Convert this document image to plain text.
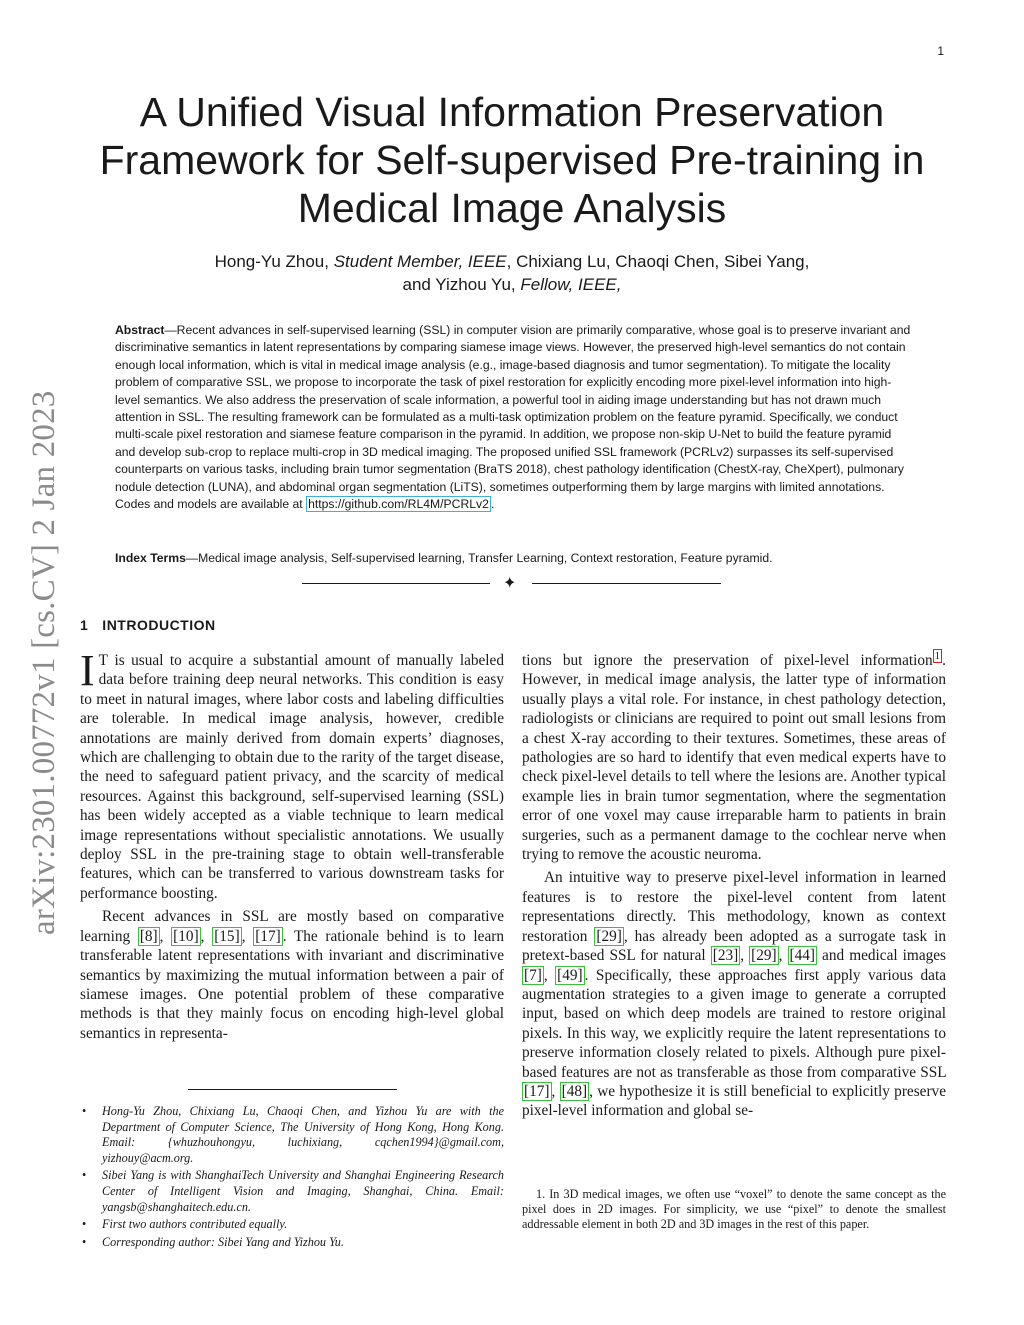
1
arXiv:2301.00772v1 [cs.CV] 2 Jan 2023
A Unified Visual Information Preservation
Framework for Self-supervised Pre-training in
Medical Image Analysis
Hong-Yu Zhou, Student Member, IEEE, Chixiang Lu, Chaoqi Chen, Sibei Yang,
and Yizhou Yu, Fellow, IEEE,
Abstract—Recent advances in self-supervised learning (SSL) in computer vision are primarily comparative, whose goal is to preserve invariant and discriminative semantics in latent representations by comparing siamese image views. However, the preserved high-level semantics do not contain enough local information, which is vital in medical image analysis (e.g., image-based diagnosis and tumor segmentation). To mitigate the locality problem of comparative SSL, we propose to incorporate the task of pixel restoration for explicitly encoding more pixel-level information into high-level semantics. We also address the preservation of scale information, a powerful tool in aiding image understanding but has not drawn much attention in SSL. The resulting framework can be formulated as a multi-task optimization problem on the feature pyramid. Specifically, we conduct multi-scale pixel restoration and siamese feature comparison in the pyramid. In addition, we propose non-skip U-Net to build the feature pyramid and develop sub-crop to replace multi-crop in 3D medical imaging. The proposed unified SSL framework (PCRLv2) surpasses its self-supervised counterparts on various tasks, including brain tumor segmentation (BraTS 2018), chest pathology identification (ChestX-ray, CheXpert), pulmonary nodule detection (LUNA), and abdominal organ segmentation (LiTS), sometimes outperforming them by large margins with limited annotations. Codes and models are available at https://github.com/RL4M/PCRLv2 .
Index Terms—Medical image analysis, Self-supervised learning, Transfer Learning, Context restoration, Feature pyramid.
✦
1 INTRODUCTION

I T is usual to acquire a substantial amount of manually labeled data before training deep neural networks. This condition is easy to meet in natural images, where labor costs and labeling difficulties are tolerable. In medical image analysis, however, credible annotations are mainly derived from domain experts’ diagnoses, which are challenging to obtain due to the rarity of the target disease, the need to safeguard patient privacy, and the scarcity of medical resources. Against this background, self-supervised learning (SSL) has been widely accepted as a viable technique to learn medical image representations without specialistic annotations. We usually deploy SSL in the pre-training stage to obtain well-transferable features, which can be transferred to various downstream tasks for performance boosting.

Recent advances in SSL are mostly based on comparative learning [8] , [10] , [15] , [17] . The rationale behind is to learn transferable latent representations with invariant and discriminative semantics by maximizing the mutual information between a pair of siamese images. One potential problem of these comparative methods is that they mainly focus on encoding high-level global semantics in representa-

tions but ignore the preservation of pixel-level information $^1$ . However, in medical image analysis, the latter type of information usually plays a vital role. For instance, in chest pathology detection, radiologists or clinicians are required to point out small lesions from a chest X-ray according to their textures. Sometimes, these areas of pathologies are so hard to identify that even medical experts have to check pixel-level details to tell where the lesions are. Another typical example lies in brain tumor segmentation, where the segmentation error of one voxel may cause irreparable harm to patients in brain surgeries, such as a permanent damage to the cochlear nerve when trying to remove the acoustic neuroma.

An intuitive way to preserve pixel-level information in learned features is to restore the pixel-level content from latent representations directly. This methodology, known as context restoration [29] , has already been adopted as a surrogate task in pretext-based SSL for natural [23] , [29] , [44] and medical images [7] , [49] . Specifically, these approaches first apply various data augmentation strategies to a given image to generate a corrupted input, based on which deep models are trained to restore original pixels. In this way, we explicitly require the latent representations to preserve information closely related to pixels. Although pure pixel-based features are not as transferable as those from comparative SSL [17] , [48] , we hypothesize it is still beneficial to explicitly preserve pixel-level information and global se-

• Hong-Yu Zhou, Chixiang Lu, Chaoqi Chen, and Yizhou Yu are with the Department of Computer Science, The University of Hong Kong, Hong Kong. Email: {whuzhouhongyu, luchixiang, cqchen1994}@gmail.com, yizhouy@acm.org.
• Sibei Yang is with ShanghaiTech University and Shanghai Engineering Research Center of Intelligent Vision and Imaging, Shanghai, China. Email: yangsb@shanghaitech.edu.cn.
• First two authors contributed equally.
• Corresponding author: Sibei Yang and Yizhou Yu.
1. In 3D medical images, we often use “voxel” to denote the same concept as the pixel does in 2D images. For simplicity, we use “pixel” to denote the smallest addressable element in both 2D and 3D images in the rest of this paper.
